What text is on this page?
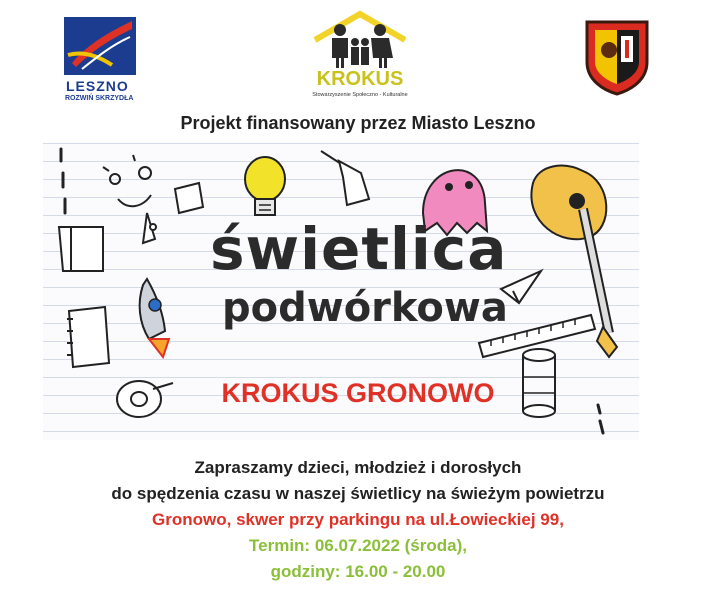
LESZNO
ROZWIŃ SKRZYDŁA
KROKUS
Stowarzyszenie Społeczno - Kulturalne
Projekt finansowany przez Miasto Leszno
świetlica
podwórkowa
KROKUS GRONOWO
Zapraszamy dzieci, młodzież i dorosłych
do spędzenia czasu w naszej świetlicy na świeżym powietrzu
Gronowo, skwer przy parkingu na ul.Łowieckiej 99,
Termin: 06.07.2022 (środa),
godziny: 16.00 - 20.00
